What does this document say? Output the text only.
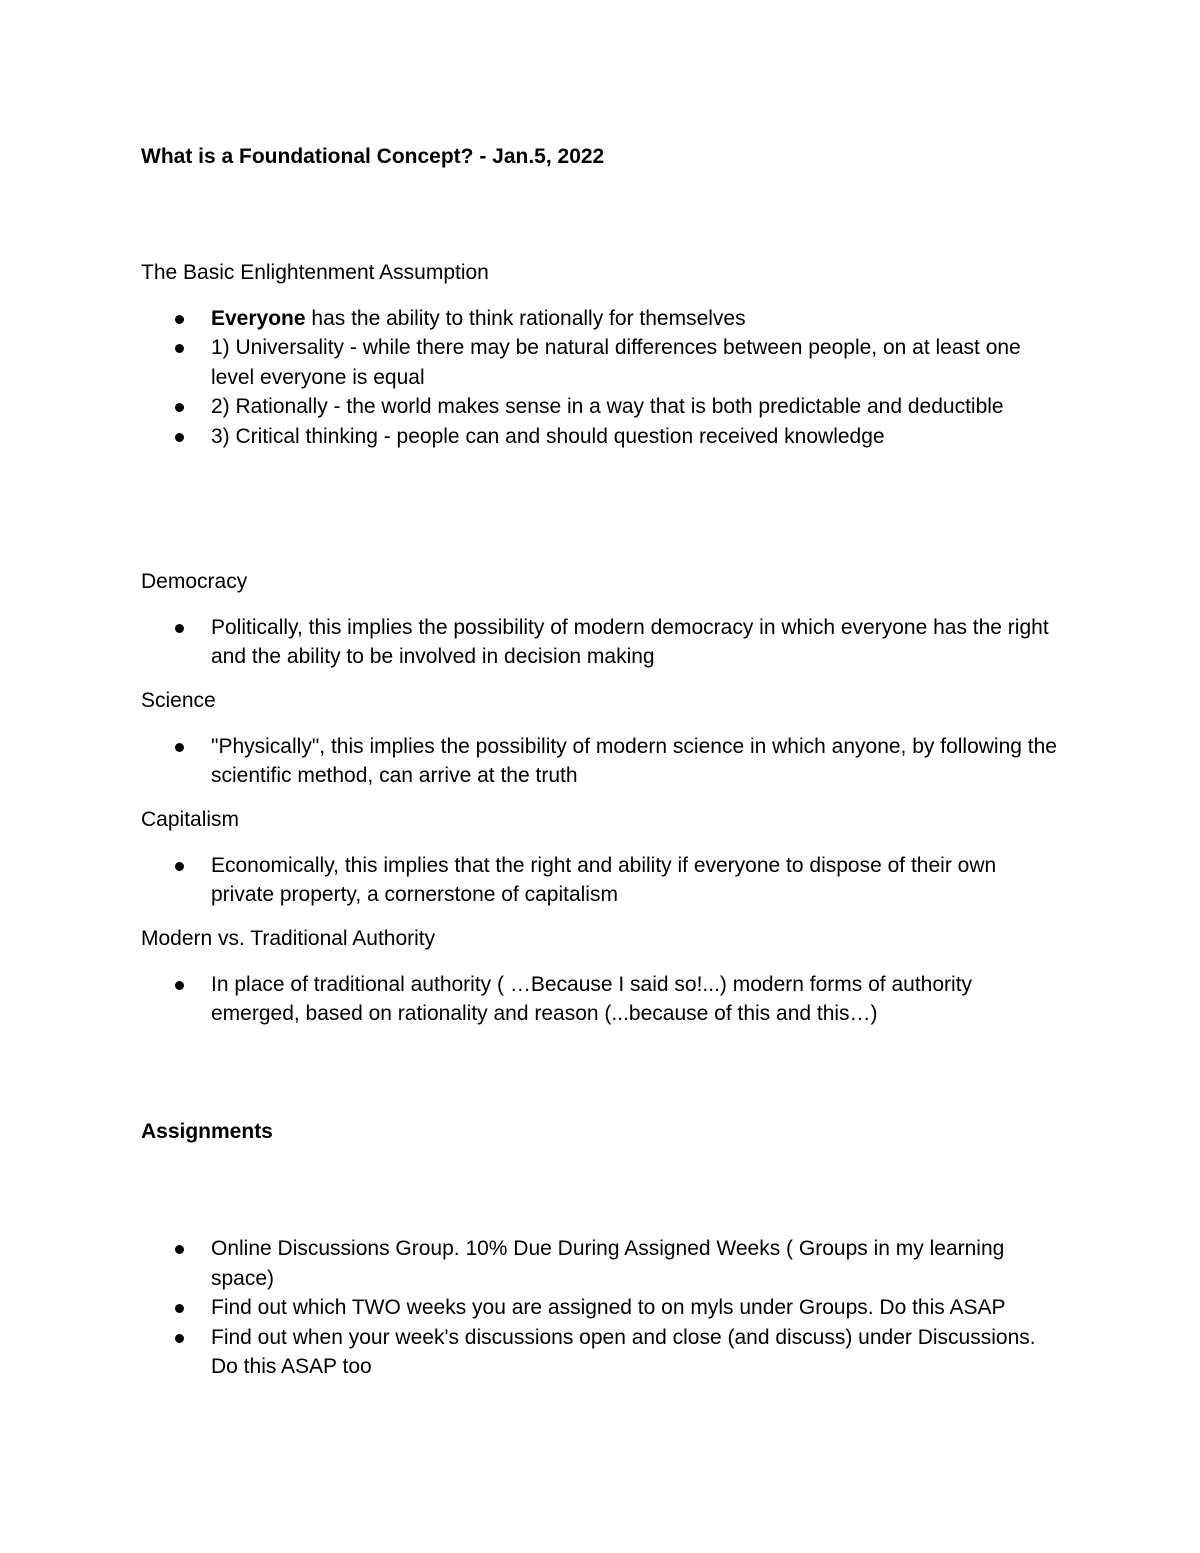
What is a Foundational Concept? - Jan.5, 2022

The Basic Enlightenment Assumption

Everyone has the ability to think rationally for themselves
1) Universality - while there may be natural differences between people, on at least one level everyone is equal
2) Rationally - the world makes sense in a way that is both predictable and deductible
3) Critical thinking - people can and should question received knowledge

Democracy

Politically, this implies the possibility of modern democracy in which everyone has the right and the ability to be involved in decision making

Science

"Physically", this implies the possibility of modern science in which anyone, by following the scientific method, can arrive at the truth

Capitalism

Economically, this implies that the right and ability if everyone to dispose of their own private property, a cornerstone of capitalism

Modern vs. Traditional Authority

In place of traditional authority ( …Because I said so!...) modern forms of authority emerged, based on rationality and reason (...because of this and this…)
Assignments
Online Discussions Group. 10% Due During Assigned Weeks ( Groups in my learning space)
Find out which TWO weeks you are assigned to on myls under Groups. Do this ASAP
Find out when your week's discussions open and close (and discuss) under Discussions. Do this ASAP too
